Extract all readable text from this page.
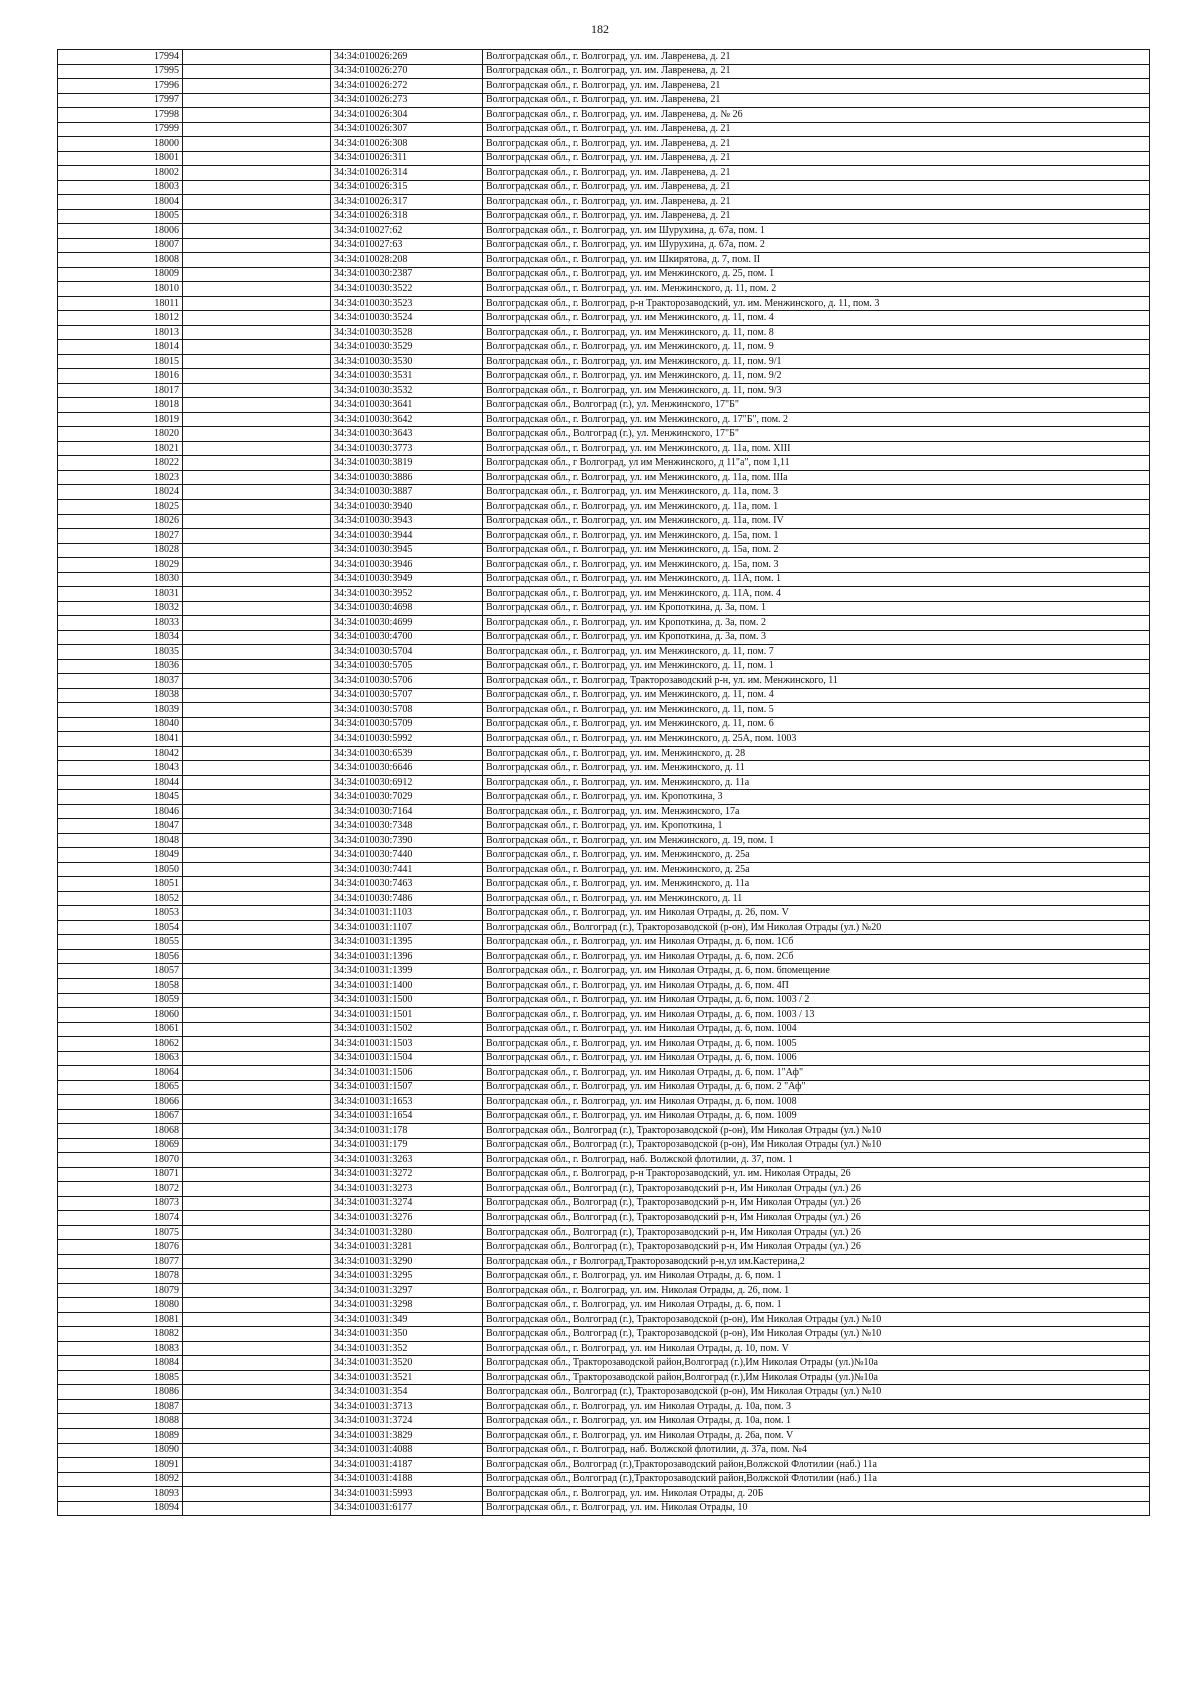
182
17994		34:34:010026:269	Волгоградская обл., г. Волгоград, ул. им. Лавренева, д. 21
17995		34:34:010026:270	Волгоградская обл., г. Волгоград, ул. им. Лавренева, д. 21
17996		34:34:010026:272	Волгоградская обл., г. Волгоград, ул. им. Лавренева, 21
17997		34:34:010026:273	Волгоградская обл., г. Волгоград, ул. им. Лавренева, 21
17998		34:34:010026:304	Волгоградская обл., г. Волгоград, ул. им. Лавренева, д. № 26
17999		34:34:010026:307	Волгоградская обл., г. Волгоград, ул. им. Лавренева, д. 21
18000		34:34:010026:308	Волгоградская обл., г. Волгоград, ул. им. Лавренева, д. 21
18001		34:34:010026:311	Волгоградская обл., г. Волгоград, ул. им. Лавренева, д. 21
18002		34:34:010026:314	Волгоградская обл., г. Волгоград, ул. им. Лавренева, д. 21
18003		34:34:010026:315	Волгоградская обл., г. Волгоград, ул. им. Лавренева, д. 21
18004		34:34:010026:317	Волгоградская обл., г. Волгоград, ул. им. Лавренева, д. 21
18005		34:34:010026:318	Волгоградская обл., г. Волгоград, ул. им. Лавренева, д. 21
18006		34:34:010027:62	Волгоградская обл., г. Волгоград, ул. им Шурухина, д. 67а, пом. 1
18007		34:34:010027:63	Волгоградская обл., г. Волгоград, ул. им Шурухина, д. 67а, пом. 2
18008		34:34:010028:208	Волгоградская обл., г. Волгоград, ул. им Шкирятова, д. 7, пом. II
18009		34:34:010030:2387	Волгоградская обл., г. Волгоград, ул. им Менжинского, д. 25, пом. 1
18010		34:34:010030:3522	Волгоградская обл., г. Волгоград, ул. им. Менжинского, д. 11, пом. 2
18011		34:34:010030:3523	Волгоградская обл., г. Волгоград, р-н Тракторозаводский, ул. им. Менжинского, д. 11, пом. 3
18012		34:34:010030:3524	Волгоградская обл., г. Волгоград, ул. им Менжинского, д. 11, пом. 4
18013		34:34:010030:3528	Волгоградская обл., г. Волгоград, ул. им Менжинского, д. 11, пом. 8
18014		34:34:010030:3529	Волгоградская обл., г. Волгоград, ул. им Менжинского, д. 11, пом. 9
18015		34:34:010030:3530	Волгоградская обл., г. Волгоград, ул. им Менжинского, д. 11, пом. 9/1
18016		34:34:010030:3531	Волгоградская обл., г. Волгоград, ул. им Менжинского, д. 11, пом. 9/2
18017		34:34:010030:3532	Волгоградская обл., г. Волгоград, ул. им Менжинского, д. 11, пом. 9/3
18018		34:34:010030:3641	Волгоградская обл., Волгоград (г.), ул. Менжинского, 17"Б"
18019		34:34:010030:3642	Волгоградская обл., г. Волгоград, ул. им Менжинского, д. 17"Б", пом. 2
18020		34:34:010030:3643	Волгоградская обл., Волгоград (г.), ул. Менжинского, 17"Б"
18021		34:34:010030:3773	Волгоградская обл., г. Волгоград, ул. им Менжинского, д. 11а, пом. XIII
18022		34:34:010030:3819	Волгоградская обл., г Волгоград, ул им Менжинского, д 11"а", пом 1,11
18023		34:34:010030:3886	Волгоградская обл., г. Волгоград, ул. им Менжинского, д. 11а, пом. IIIа
18024		34:34:010030:3887	Волгоградская обл., г. Волгоград, ул. им Менжинского, д. 11а, пом. 3
18025		34:34:010030:3940	Волгоградская обл., г. Волгоград, ул. им Менжинского, д. 11а, пом. 1
18026		34:34:010030:3943	Волгоградская обл., г. Волгоград, ул. им Менжинского, д. 11а, пом. IV
18027		34:34:010030:3944	Волгоградская обл., г. Волгоград, ул. им Менжинского, д. 15а, пом. 1
18028		34:34:010030:3945	Волгоградская обл., г. Волгоград, ул. им Менжинского, д. 15а, пом. 2
18029		34:34:010030:3946	Волгоградская обл., г. Волгоград, ул. им Менжинского, д. 15а, пом. 3
18030		34:34:010030:3949	Волгоградская обл., г. Волгоград, ул. им Менжинского, д. 11А, пом. 1
18031		34:34:010030:3952	Волгоградская обл., г. Волгоград, ул. им Менжинского, д. 11А, пом. 4
18032		34:34:010030:4698	Волгоградская обл., г. Волгоград, ул. им Кропоткина, д. 3а, пом. 1
18033		34:34:010030:4699	Волгоградская обл., г. Волгоград, ул. им Кропоткина, д. 3а, пом. 2
18034		34:34:010030:4700	Волгоградская обл., г. Волгоград, ул. им Кропоткина, д. 3а, пом. 3
18035		34:34:010030:5704	Волгоградская обл., г. Волгоград, ул. им Менжинского, д. 11, пом. 7
18036		34:34:010030:5705	Волгоградская обл., г. Волгоград, ул. им Менжинского, д. 11, пом. 1
18037		34:34:010030:5706	Волгоградская обл., г. Волгоград, Тракторозаводский р-н, ул. им. Менжинского, 11
18038		34:34:010030:5707	Волгоградская обл., г. Волгоград, ул. им Менжинского, д. 11, пом. 4
18039		34:34:010030:5708	Волгоградская обл., г. Волгоград, ул. им Менжинского, д. 11, пом. 5
18040		34:34:010030:5709	Волгоградская обл., г. Волгоград, ул. им Менжинского, д. 11, пом. 6
18041		34:34:010030:5992	Волгоградская обл., г. Волгоград, ул. им Менжинского, д. 25А, пом. 1003
18042		34:34:010030:6539	Волгоградская обл., г. Волгоград, ул. им. Менжинского, д. 28
18043		34:34:010030:6646	Волгоградская обл., г. Волгоград, ул. им. Менжинского, д. 11
18044		34:34:010030:6912	Волгоградская обл., г. Волгоград, ул. им. Менжинского, д. 11а
18045		34:34:010030:7029	Волгоградская обл., г. Волгоград, ул. им. Кропоткина, 3
18046		34:34:010030:7164	Волгоградская обл., г. Волгоград, ул. им. Менжинского, 17а
18047		34:34:010030:7348	Волгоградская обл., г. Волгоград, ул. им. Кропоткина, 1
18048		34:34:010030:7390	Волгоградская обл., г. Волгоград, ул. им Менжинского, д. 19, пом. 1
18049		34:34:010030:7440	Волгоградская обл., г. Волгоград, ул. им. Менжинского, д. 25а
18050		34:34:010030:7441	Волгоградская обл., г. Волгоград, ул. им. Менжинского, д. 25а
18051		34:34:010030:7463	Волгоградская обл., г. Волгоград, ул. им. Менжинского, д. 11а
18052		34:34:010030:7486	Волгоградская обл., г. Волгоград, ул. им Менжинского, д. 11
18053		34:34:010031:1103	Волгоградская обл., г. Волгоград, ул. им Николая Отрады, д. 26, пом. V
18054		34:34:010031:1107	Волгоградская обл., Волгоград (г.), Тракторозаводской (р-он), Им Николая Отрады (ул.) №20
18055		34:34:010031:1395	Волгоградская обл., г. Волгоград, ул. им Николая Отрады, д. 6, пом. 1Сб
18056		34:34:010031:1396	Волгоградская обл., г. Волгоград, ул. им Николая Отрады, д. 6, пом. 2Сб
18057		34:34:010031:1399	Волгоградская обл., г. Волгоград, ул. им Николая Отрады, д. 6, пом. 6помещение
18058		34:34:010031:1400	Волгоградская обл., г. Волгоград, ул. им Николая Отрады, д. 6, пом. 4П
18059		34:34:010031:1500	Волгоградская обл., г. Волгоград, ул. им Николая Отрады, д. 6, пом. 1003 / 2
18060		34:34:010031:1501	Волгоградская обл., г. Волгоград, ул. им Николая Отрады, д. 6, пом. 1003 / 13
18061		34:34:010031:1502	Волгоградская обл., г. Волгоград, ул. им Николая Отрады, д. 6, пом. 1004
18062		34:34:010031:1503	Волгоградская обл., г. Волгоград, ул. им Николая Отрады, д. 6, пом. 1005
18063		34:34:010031:1504	Волгоградская обл., г. Волгоград, ул. им Николая Отрады, д. 6, пом. 1006
18064		34:34:010031:1506	Волгоградская обл., г. Волгоград, ул. им Николая Отрады, д. 6, пом. 1"Аф"
18065		34:34:010031:1507	Волгоградская обл., г. Волгоград, ул. им Николая Отрады, д. 6, пом. 2 "Аф"
18066		34:34:010031:1653	Волгоградская обл., г. Волгоград, ул. им Николая Отрады, д. 6, пом. 1008
18067		34:34:010031:1654	Волгоградская обл., г. Волгоград, ул. им Николая Отрады, д. 6, пом. 1009
18068		34:34:010031:178	Волгоградская обл., Волгоград (г.), Тракторозаводской (р-он), Им Николая Отрады (ул.) №10
18069		34:34:010031:179	Волгоградская обл., Волгоград (г.), Тракторозаводской (р-он), Им Николая Отрады (ул.) №10
18070		34:34:010031:3263	Волгоградская обл., г. Волгоград, наб. Волжской флотилии, д. 37, пом. 1
18071		34:34:010031:3272	Волгоградская обл., г. Волгоград, р-н Тракторозаводский, ул. им. Николая Отрады, 26
18072		34:34:010031:3273	Волгоградская обл., Волгоград (г.), Тракторозаводский р-н, Им Николая Отрады (ул.) 26
18073		34:34:010031:3274	Волгоградская обл., Волгоград (г.), Тракторозаводский р-н, Им Николая Отрады (ул.) 26
18074		34:34:010031:3276	Волгоградская обл., Волгоград (г.), Тракторозаводский р-н, Им Николая Отрады (ул.) 26
18075		34:34:010031:3280	Волгоградская обл., Волгоград (г.), Тракторозаводский р-н, Им Николая Отрады (ул.) 26
18076		34:34:010031:3281	Волгоградская обл., Волгоград (г.), Тракторозаводский р-н, Им Николая Отрады (ул.) 26
18077		34:34:010031:3290	Волгоградская обл., г Волгоград,Тракторозаводский р-н,ул им.Кастерина,2
18078		34:34:010031:3295	Волгоградская обл., г. Волгоград, ул. им Николая Отрады, д. 6, пом. 1
18079		34:34:010031:3297	Волгоградская обл., г. Волгоград, ул. им. Николая Отрады, д. 26, пом. 1
18080		34:34:010031:3298	Волгоградская обл., г. Волгоград, ул. им Николая Отрады, д. 6, пом. 1
18081		34:34:010031:349	Волгоградская обл., Волгоград (г.), Тракторозаводской (р-он), Им Николая Отрады (ул.) №10
18082		34:34:010031:350	Волгоградская обл., Волгоград (г.), Тракторозаводской (р-он), Им Николая Отрады (ул.) №10
18083		34:34:010031:352	Волгоградская обл., г. Волгоград, ул. им Николая Отрады, д. 10, пом. V
18084		34:34:010031:3520	Волгоградская обл., Тракторозаводской район,Волгоград (г.),Им Николая Отрады (ул.)№10а
18085		34:34:010031:3521	Волгоградская обл., Тракторозаводской район,Волгоград (г.),Им Николая Отрады (ул.)№10а
18086		34:34:010031:354	Волгоградская обл., Волгоград (г.), Тракторозаводской (р-он), Им Николая Отрады (ул.) №10
18087		34:34:010031:3713	Волгоградская обл., г. Волгоград, ул. им Николая Отрады, д. 10а, пом. 3
18088		34:34:010031:3724	Волгоградская обл., г. Волгоград, ул. им Николая Отрады, д. 10а, пом. 1
18089		34:34:010031:3829	Волгоградская обл., г. Волгоград, ул. им Николая Отрады, д. 26а, пом. V
18090		34:34:010031:4088	Волгоградская обл., г. Волгоград, наб. Волжской флотилии, д. 37а, пом. №4
18091		34:34:010031:4187	Волгоградская обл., Волгоград (г.),Тракторозаводский район,Волжской Флотилии (наб.) 11а
18092		34:34:010031:4188	Волгоградская обл., Волгоград (г.),Тракторозаводский район,Волжской Флотилии (наб.) 11а
18093		34:34:010031:5993	Волгоградская обл., г. Волгоград, ул. им. Николая Отрады, д. 20Б
18094		34:34:010031:6177	Волгоградская обл., г. Волгоград, ул. им. Николая Отрады, 10
